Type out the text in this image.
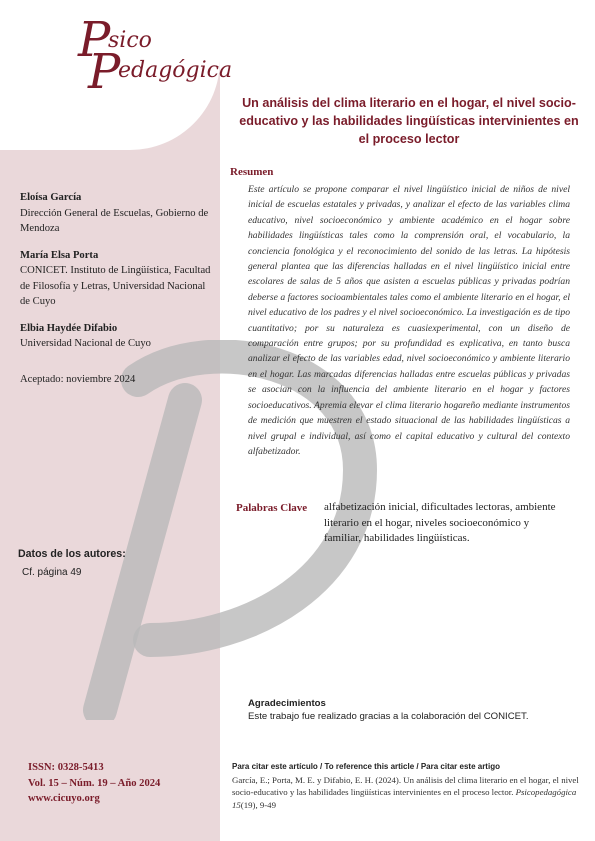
P
sico
P
edagógica
Un análisis del clima literario en el hogar, el nivel socio-educativo y las habilidades lingüísticas intervinientes en el proceso lector
Resumen
Este artículo se propone comparar el nivel lingüístico inicial de niños de nivel inicial de escuelas estatales y privadas, y analizar el efecto de las variables clima educativo, nivel socioeconómico y ambiente académico en el hogar sobre habilidades lingüísticas tales como la comprensión oral, el vocabulario, la conciencia fonológica y el reconocimiento del sonido de las letras. La hipótesis general plantea que las diferencias halladas en el nivel lingüístico inicial entre escolares de salas de 5 años que asisten a escuelas públicas y privadas podrían deberse a factores socioambientales tales como el ambiente literario en el hogar, el nivel educativo de los padres y el nivel socioeconómico. La investigación es de tipo cuantitativo; por su naturaleza es cuasiexperimental, con un diseño de comparación entre grupos; por su profundidad es explicativa, en tanto busca analizar el efecto de las variables edad, nivel socioeconómico y ambiente literario en el hogar. Las marcadas diferencias halladas entre escuelas públicas y privadas se asocian con la influencia del ambiente literario en el hogar y factores socioeducativos. Apremia elevar el clima literario hogareño mediante instrumentos de medición que muestren el estado situacional de las habilidades lingüísticas a nivel grupal e individual, así como el capital educativo y cultural del contexto alfabetizador.
Palabras Clave alfabetización inicial, dificultades lectoras, ambiente literario en el hogar, niveles socioeconómico y familiar, habilidades lingüísticas.
Eloísa García
Dirección General de Escuelas, Gobierno de Mendoza
María Elsa Porta
CONICET. Instituto de Lingüística, Facultad de Filosofía y Letras, Universidad Nacional de Cuyo
Elbia Haydée Difabio
Universidad Nacional de Cuyo
Aceptado: noviembre 2024
Datos de los autores:
Cf. página 49
Agradecimientos
Este trabajo fue realizado gracias a la colaboración del CONICET.
ISSN: 0328-5413
Vol. 15 – Núm. 19 – Año 2024
www.cicuyo.org
Para citar este artículo / To reference this article / Para citar este artigo
García, E.; Porta, M. E. y Difabio, E. H. (2024). Un análisis del clima literario en el hogar, el nivel socio-educativo y las habilidades lingüísticas intervinientes en el proceso lector. Psicopedagógica 15(19), 9-49
